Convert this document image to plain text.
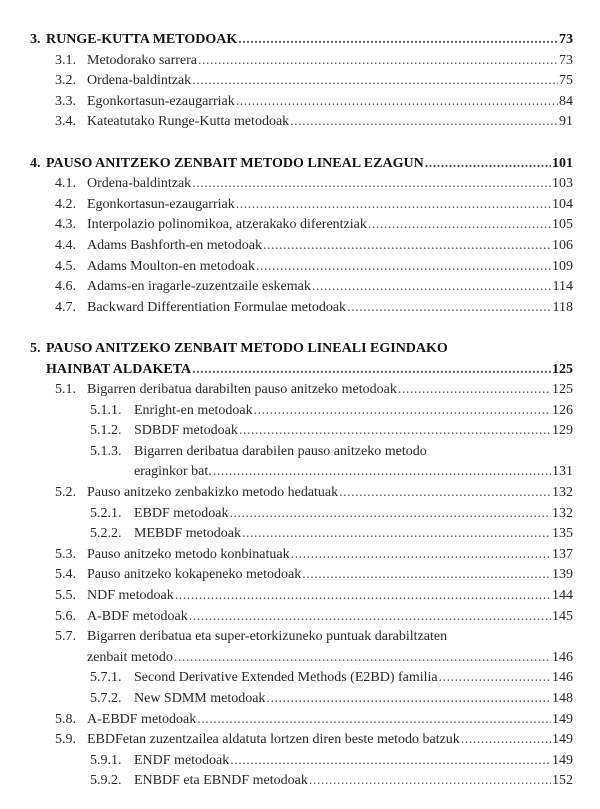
3. RUNGE-KUTTA METODOAK .....	73
3.1. Metodorako sarrera .....	73
3.2. Ordena-baldintzak .....	75
3.3. Egonkortasun-ezaugarriak .....	84
3.4. Kateatutako Runge-Kutta metodoak .....	91
4. PAUSO ANITZEKO ZENBAIT METODO LINEAL EZAGUN .....	101
4.1. Ordena-baldintzak .....	103
4.2. Egonkortasun-ezaugarriak .....	104
4.3. Interpolazio polinomikoa, atzerakako diferentziak .....	105
4.4. Adams Bashforth-en metodoak .....	106
4.5. Adams Moulton-en metodoak .....	109
4.6. Adams-en iragarle-zuzentzaile eskemak .....	114
4.7. Backward Differentiation Formulae metodoak .....	118
5. PAUSO ANITZEKO ZENBAIT METODO LINEALI EGINDAKO
HAINBAT ALDAKETA .....	125
5.1. Bigarren deribatua darabilten pauso anitzeko metodoak .....	125
5.1.1. Enright-en metodoak .....	126
5.1.2. SDBDF metodoak .....	129
5.1.3. Bigarren deribatua darabilen pauso anitzeko metodo
eraginkor bat. .....	131
5.2. Pauso anitzeko zenbakizko metodo hedatuak .....	132
5.2.1. EBDF metodoak .....	132
5.2.2. MEBDF metodoak .....	135
5.3. Pauso anitzeko metodo konbinatuak .....	137
5.4. Pauso anitzeko kokapeneko metodoak .....	139
5.5. NDF metodoak .....	144
5.6. A-BDF metodoak .....	145
5.7. Bigarren deribatua eta super-etorkizuneko puntuak darabiltzaten
zenbait metodo .....	146
5.7.1. Second Derivative Extended Methods (E2BD) familia .....	146
5.7.2. New SDMM metodoak .....	148
5.8. A-EBDF metodoak .....	149
5.9. EBDFetan zuzentzailea aldatuta lortzen diren beste metodo batzuk .....	149
5.9.1. ENDF metodoak .....	149
5.9.2. ENBDF eta EBNDF metodoak .....	152
